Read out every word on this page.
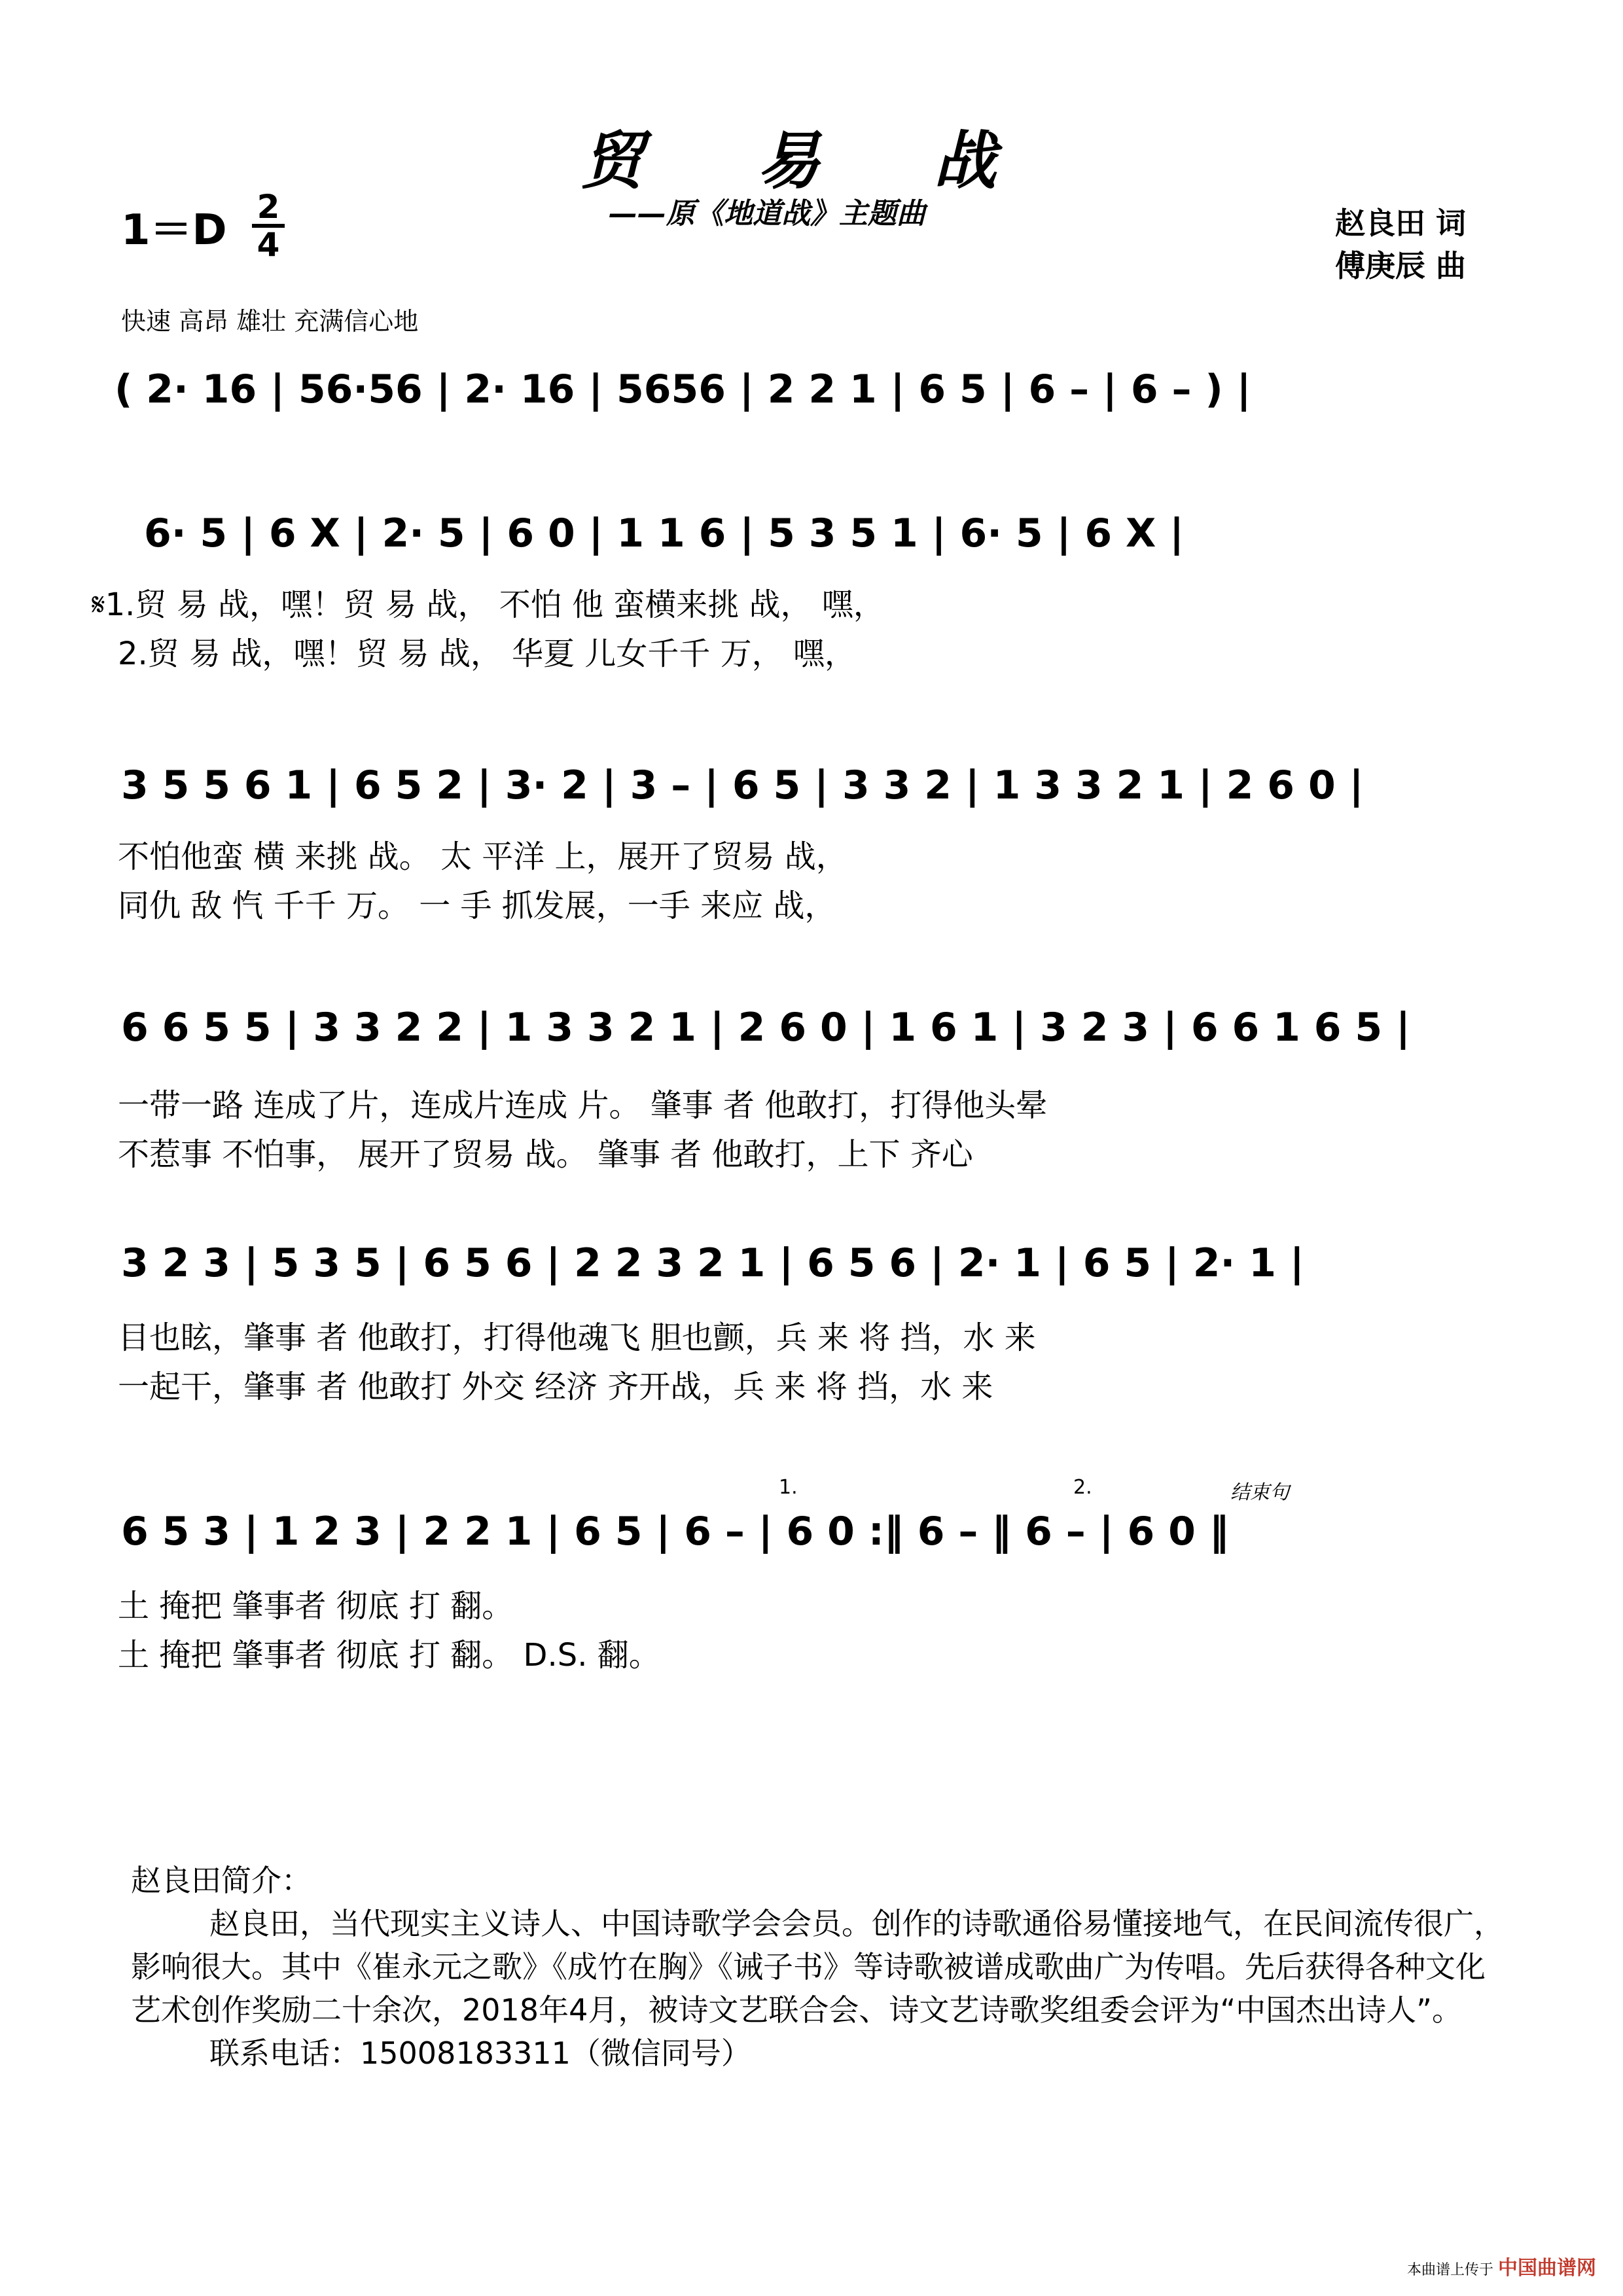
贸 易 战
——原《地道战》主题曲
1＝D 2
4
赵良田 词
傅庚辰 曲
快速 高昂 雄壮 充满信心地
( 2· 16 | 56·56 | 2· 16 | 5656 | 2 2 1 | 6 5 | 6 – | 6 – ) |
6· 5 | 6 X | 2· 5 | 6 0 | 1 1 6 | 5 3 5 1 | 6· 5 | 6 X |
𝄋1.贸 易 战，嘿！贸 易 战， 不怕 他 蛮横来挑 战， 嘿，
2.贸 易 战，嘿！贸 易 战， 华夏 儿女千千 万， 嘿，
3 5 5 6 1 | 6 5 2 | 3· 2 | 3 – | 6 5 | 3 3 2 | 1 3 3 2 1 | 2 6 0 |
不怕他蛮 横 来挑 战。 太 平洋 上，展开了贸易 战，
同仇 敌 忾 千千 万。 一 手 抓发展，一手 来应 战，
6 6 5 5 | 3 3 2 2 | 1 3 3 2 1 | 2 6 0 | 1 6 1 | 3 2 3 | 6 6 1 6 5 |
一带一路 连成了片，连成片连成 片。 肇事 者 他敢打，打得他头晕
不惹事 不怕事， 展开了贸易 战。 肇事 者 他敢打，上下 齐心
3 2 3 | 5 3 5 | 6 5 6 | 2 2 3 2 1 | 6 5 6 | 2· 1 | 6 5 | 2· 1 |
目也眩，肇事 者 他敢打，打得他魂飞 胆也颤，兵 来 将 挡，水 来
一起干，肇事 者 他敢打 外交 经济 齐开战，兵 来 将 挡，水 来
1.	2.	结束句
6 5 3 | 1 2 3 | 2 2 1 | 6 5 | 6 – | 6 0 :‖ 6 – ‖ 6 – | 6 0 ‖
土 掩把 肇事者 彻底 打 翻。
土 掩把 肇事者 彻底 打 翻。 D.S. 翻。

赵良田简介：

赵良田，当代现实主义诗人、中国诗歌学会会员。创作的诗歌通俗易懂接地气，在民间流传很广，影响很大。其中《崔永元之歌》《成竹在胸》《诫子书》等诗歌被谱成歌曲广为传唱。先后获得各种文化艺术创作奖励二十余次，2018年4月，被诗文艺联合会、诗文艺诗歌奖组委会评为“中国杰出诗人”。

联系电话：15008183311（微信同号）

本曲谱上传于 中国曲谱网
